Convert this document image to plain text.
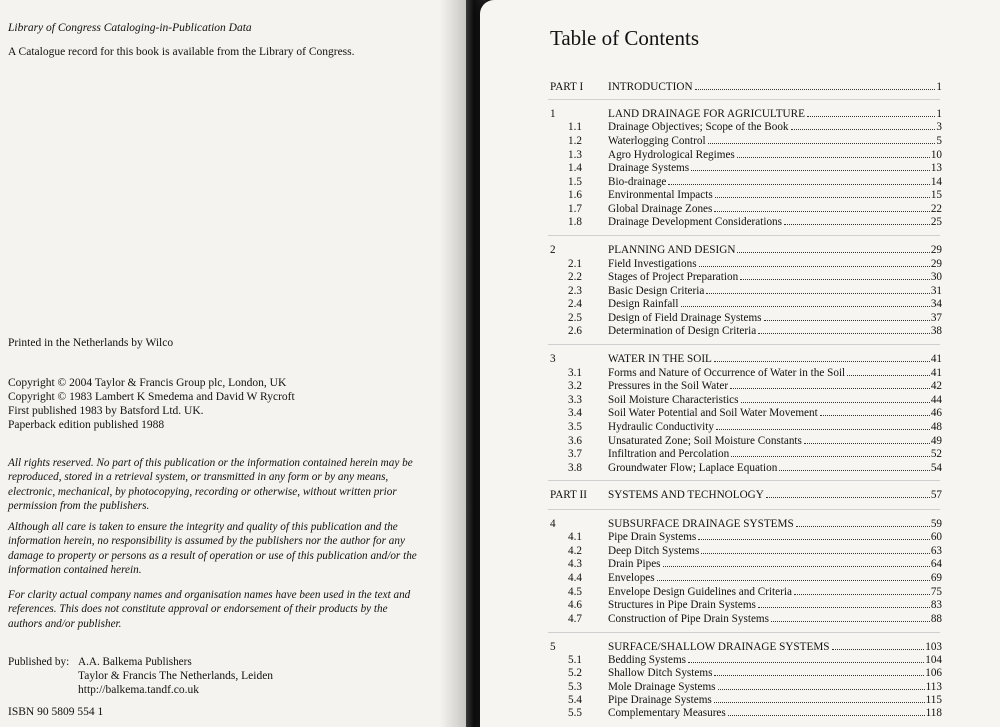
Library of Congress Cataloging-in-Publication Data
A Catalogue record for this book is available from the Library of Congress.
Printed in the Netherlands by Wilco
Copyright © 2004 Taylor & Francis Group plc, London, UK
Copyright © 1983 Lambert K Smedema and David W Rycroft
First published 1983 by Batsford Ltd. UK.
Paperback edition published 1988
All rights reserved. No part of this publication or the information contained herein may be reproduced, stored in a retrieval system, or transmitted in any form or by any means, electronic, mechanical, by photocopying, recording or otherwise, without written prior permission from the publishers.
Although all care is taken to ensure the integrity and quality of this publication and the information herein, no responsibility is assumed by the publishers nor the author for any damage to property or persons as a result of operation or use of this publication and/or the information contained herein.
For clarity actual company names and organisation names have been used in the text and references. This does not constitute approval or endorsement of their products by the authors and/or publisher.
Published by: A.A. Balkema Publishers
Taylor & Francis The Netherlands, Leiden
http://balkema.tandf.co.uk
ISBN 90 5809 554 1
Table of Contents
PART I INTRODUCTION	1
1	LAND DRAINAGE FOR AGRICULTURE	1
1.1 Drainage Objectives; Scope of the Book	3
1.2 Waterlogging Control	5
1.3 Agro Hydrological Regimes	10
1.4 Drainage Systems	13
1.5 Bio-drainage	14
1.6 Environmental Impacts	15
1.7 Global Drainage Zones	22
1.8 Drainage Development Considerations	25
2	PLANNING AND DESIGN	29
2.1 Field Investigations	29
2.2 Stages of Project Preparation	30
2.3 Basic Design Criteria	31
2.4 Design Rainfall	34
2.5 Design of Field Drainage Systems	37
2.6 Determination of Design Criteria	38
3	WATER IN THE SOIL	41
3.1 Forms and Nature of Occurrence of Water in the Soil	41
3.2 Pressures in the Soil Water	42
3.3 Soil Moisture Characteristics	44
3.4 Soil Water Potential and Soil Water Movement	46
3.5 Hydraulic Conductivity	48
3.6 Unsaturated Zone; Soil Moisture Constants	49
3.7 Infiltration and Percolation	52
3.8 Groundwater Flow; Laplace Equation	54
PART II SYSTEMS AND TECHNOLOGY	57
4	SUBSURFACE DRAINAGE SYSTEMS	59
4.1 Pipe Drain Systems	60
4.2 Deep Ditch Systems	63
4.3 Drain Pipes	64
4.4 Envelopes	69
4.5 Envelope Design Guidelines and Criteria	75
4.6 Structures in Pipe Drain Systems	83
4.7 Construction of Pipe Drain Systems	88
5	SURFACE/SHALLOW DRAINAGE SYSTEMS	103
5.1 Bedding Systems	104
5.2 Shallow Ditch Systems	106
5.3 Mole Drainage Systems	113
5.4 Pipe Drainage Systems	115
5.5 Complementary Measures	118
